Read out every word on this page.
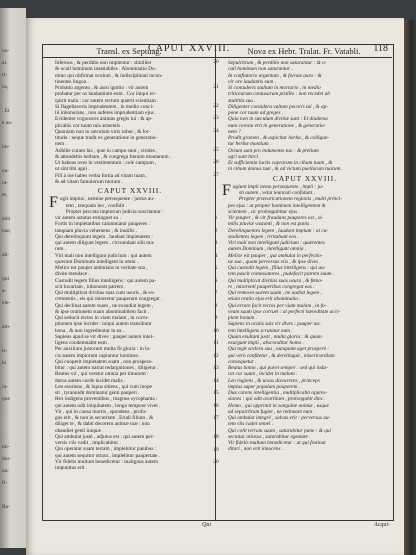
no-
al.
ri-
us,
. Et
e au-
im-
na-
ra-
te,
ebit
nae,
ali-
qui
a-
ele-
am-
is-
lo
ra-
que
.
.
mi-
mo-
ua:
fi-
Ba-
CAPUT XXVIII.	118
Transl. ex Septuag.

Infernus , & perditio non implentur : similiter

& oculi hominum insatiabiles . Abominatio Do-

mino qui obfirmat oculum , & indisciplinati incon-

tinentes lingua .

Probatio argento , & auro ignitio : vir autem

probatur per os laudantium eum . Cor iniqui ex-

quirit mala : cor autem rectum quærit scientiam .

Si flagellaveris imprudentem , in medio conci-

lii inhonorans , non auferes imprudentiam ejus .

Evidenter cognosces animas gregis tui : & ap-

plicabis cor tuum tuis armentis .

Quoniam non in sæculum viris robur , & for-

titudo : neque tradit ex generatione in generatio-

nem .

Adhibe curam his , quæ in campo sunt , virides ,

& attondebis herbam , & congrega fœnum montanum .

Ut habeas oves in vestimentum : cole campum ,

ut sint tibi agni .

Fili à me habes verba fortia ad vitam tuam ,

& ad vitam famulorum tuorum .

CAPUT XXVIII.

Fugit impius , nemine persequente : justus au-

tem , tanquam leo , confidit .

Propter peccata impiorum judicia suscitantur :

vir autem astutus extinguet ea .

Fortis in impietatibus calumniatur pauperes :

tanquam pluvia vehemens , & inutilis .

Qui derelinquunt legem , laudant impietatem :

qui autem diligunt legem , circumdant sibi mu-

rum .

Viri mali non intelligunt judicium : qui autem

quærunt Dominum intelligent in omni .

Melior est pauper ambulans in veritate sua ,

divite mendace .

Custodit legem filius intelligens : qui autem pa-

scit luxuriam , inhonorat patrem .

Qui multiplicat divitias suas cum usuris , & ex-

crementis , eis qui miseretur pauperum congregat .

Qui declinat aurem suam , ne exaudiat legem ,

& ipse orationem suam abominabilem facit .

Qui seducit rectos in viam malam , in corru-

ptionem ipse incidet : iniqui autem transibunt

bona , & non ingredientur in ea .

Sapiens apud se vir dives : pauper autem intel-

ligens condemnabit eum .

Per auxilium justorum multa fit gloria : in lo-

cis autem impiorum capiuntur homines .

Qui cooperit impietatem suam , non prospera-

bitur : qui autem narrat redargutiones , diligetur .

Beatus vir , qui veretur omnia per timorem :

durus autem corde incidet malis .

Leo esuriens , & lupus sitiens , qui cum inope

sit , tyrannidit dominatur genti pauperi .

Rex indigens proventibus , magnus sycophanta :

qui autem odit iniquitatem , longo tempore vivet .

Vir , qui in causa mortis , spondens , profu-

gus erit , & non in securitate . Erudi filium , &

diliget te , & dabit decorem animæ tuæ : non

obaudiet genti iniquæ .

Qui ambulat justè , adjutus est : qui autem per-

versis viis vadit , implicabitur .

Qui operatur suam terram , implebitur panibus :

qui autem sequitur otium , implebitur paupertate .

Vir fidelis multum benedicetur : malignus autem

impunitus erit .

20

21

22

23

24

25

26

27

1

2

3

4

5

6

7

8

9

10

11

12

13

14

15

16

17

18

19

20
Nova ex Hebr. Tralat. Fr. Vatabli.

Sepulchrum , & perditio non saturantur : & o-

culi hominum non saturantur .

In conflatorio argentum , & fornax auro : &

vir ore laudantis eum .

Si contuderis stultum in mortario , in medio

triticearum contusarum pistillo : non recedet ab

stultitia sua .

Diligenter considera vultum pecoris tui , & ap-

pone cor tuum ad greges .

Quia non in sæculum divitiæ sunt : Et diadema

num corona erit in generatione , & generatio-

nem ?

Prodit gramen , & aspicitur herba , & colligun-

tur herbæ montium .

Ovium sunt pro indumento tuo : & pretium

agri sunt hirci .

Et sufficientia lactis caprarum in cibum tuum , &

in cibum domus tuæ , & ad victum puellarum tuarum .

CAPUT XXVIII.

Fugiunt impii nemo persequente , impii : ju-

sti autem , velut leunculi confidunt .

Propter prævaricationem regionis , multi princi-

pes ejus : at propter hominem intelligentem &

scientem , sic prolongabitur ejus .

Vir pauper , & vir fraudans pauperes est , si-

milis pluviæ vastanti , & non est panis .

Derelinquentes legem , laudant impium : at cu-

stodientes legem , irritabunt eos .

Viri mali non intelligunt judicium : quærentes

autem Dominum , intelligunt omnia .

Melior est pauper , qui ambulat in perfectio-

ne sua , quam perversus viis , & ipse dives .

Qui custodit legem , filius intelligens : qui au-

tem pascit comessatores , pudefacit patrem suum .

Qui multiplicat divitias suas usura , & fœno-

re , miserenti pauperibus congregat eas .

Qui removet aurem suam , ne audiat legem ,

etiam oratio ejus erit abominatio .

Qui errare facit rectos per viam malam , in fo-

veam suam ipse corruet : at perfecti hæreditate acci-

pient bonum .

Sapiens in oculis suis vir dives : pauper au-

tem intelligens scrutatur eum .

Quum exultant justi , multa gloria : & quum

exurgunt impii , absconditur homo .

Qui tegit scelera sua , nunquam aget prosperè :

qui verò confitetur , & derelinquit , misericordiam

consequetur .

Beatus homo , qui pavet semper : sed qui indu-

rat cor suum , incidet in malum .

Leo rugiens , & ursus discurrens , princeps

impius super populum pauperem .

Dux carens intelligentia , multiplicabit oppres-

siones : qui odit avaritiam , prolongabit dies .

Homo , qui opprimit in sanguine animæ , usque

ad sepulchrum fugiet , ne retineant eum .

Qui ambulat integrè , salvus erit : perversus au-

tem viis cadet semel .

Qui colit terram suam , saturabitur pane : & qui

sectatur otiosos , saturabitur egestate .

Vir fidelis multum benedicetur : at qui festinat

ditari , non erit innocens .

Qui	Acqui-
